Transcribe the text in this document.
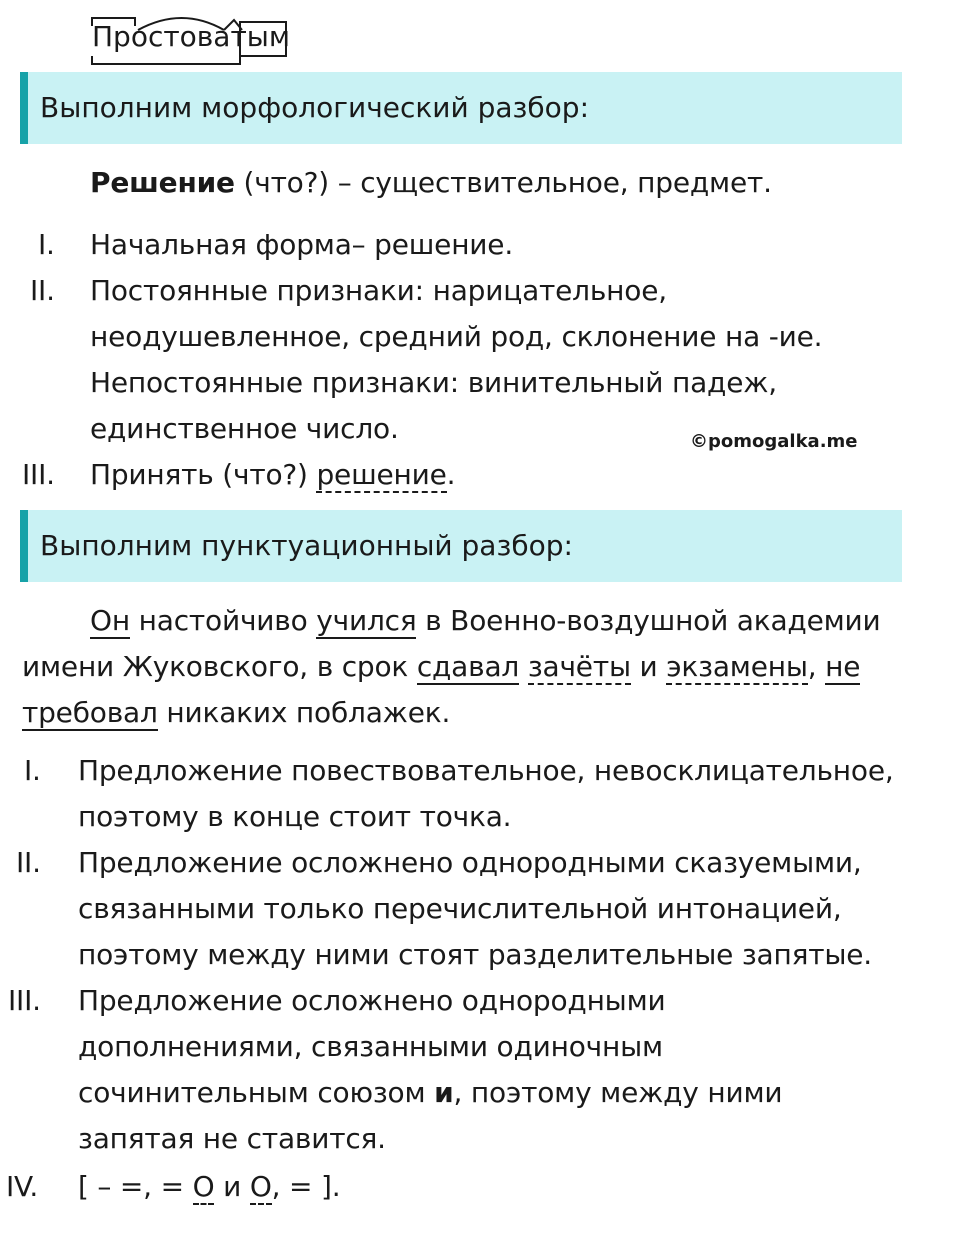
Простоватым
Выполним морфологический разбор:
Решение (что?) – существительное, предмет.
I. Начальная форма– решение.
II. Постоянные признаки: нарицательное,
неодушевленное, средний род, склонение на -ие.
Непостоянные признаки: винительный падеж,
единственное число.	©pomogalka.me
III. Принять (что?) решение.
Выполним пунктуационный разбор:
Он настойчиво учился в Военно-воздушной академии
имени Жуковского, в срок сдавал зачёты и экзамены, не
требовал никаких поблажек.
I. Предложение повествовательное, невосклицательное,
поэтому в конце стоит точка.
II. Предложение осложнено однородными сказуемыми,
связанными только перечислительной интонацией,
поэтому между ними стоят разделительные запятые.
III. Предложение осложнено однородными
дополнениями, связанными одиночным
сочинительным союзом и, поэтому между ними
запятая не ставится.
IV. [ – =, = О и О, = ].
